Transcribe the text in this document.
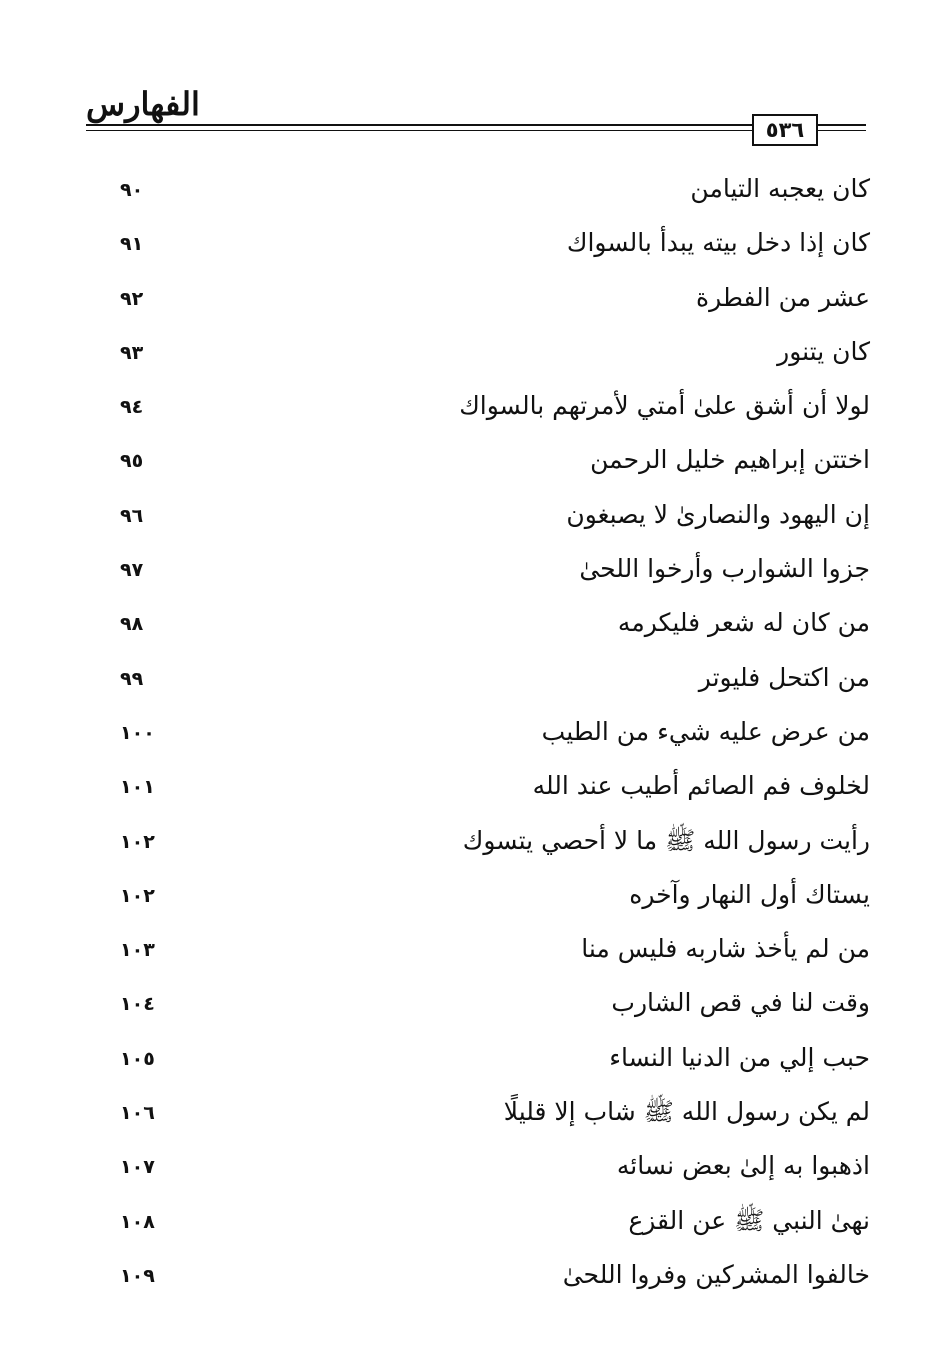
الفهارس
٥٣٦
كان يعجبه التيامن
٩٠
كان إذا دخل بيته يبدأ بالسواك
٩١
عشر من الفطرة
٩٢
كان يتنور
٩٣
لولا أن أشق علىٰ أمتي لأمرتهم بالسواك
٩٤
اختتن إبراهيم خليل الرحمن
٩٥
إن اليهود والنصارىٰ لا يصبغون
٩٦
جزوا الشوارب وأرخوا اللحىٰ
٩٧
من كان له شعر فليكرمه
٩٨
من اكتحل فليوتر
٩٩
من عرض عليه شيء من الطيب
١٠٠
لخلوف فم الصائم أطيب عند الله
١٠١
رأيت رسول الله ﷺ ما لا أحصي يتسوك
١٠٢
يستاك أول النهار وآخره
١٠٢
من لم يأخذ شاربه فليس منا
١٠٣
وقت لنا في قص الشارب
١٠٤
حبب إلي من الدنيا النساء
١٠٥
لم يكن رسول الله ﷺ شاب إلا قليلًا
١٠٦
اذهبوا به إلىٰ بعض نسائه
١٠٧
نهىٰ النبي ﷺ عن القزع
١٠٨
خالفوا المشركين وفروا اللحىٰ
١٠٩
